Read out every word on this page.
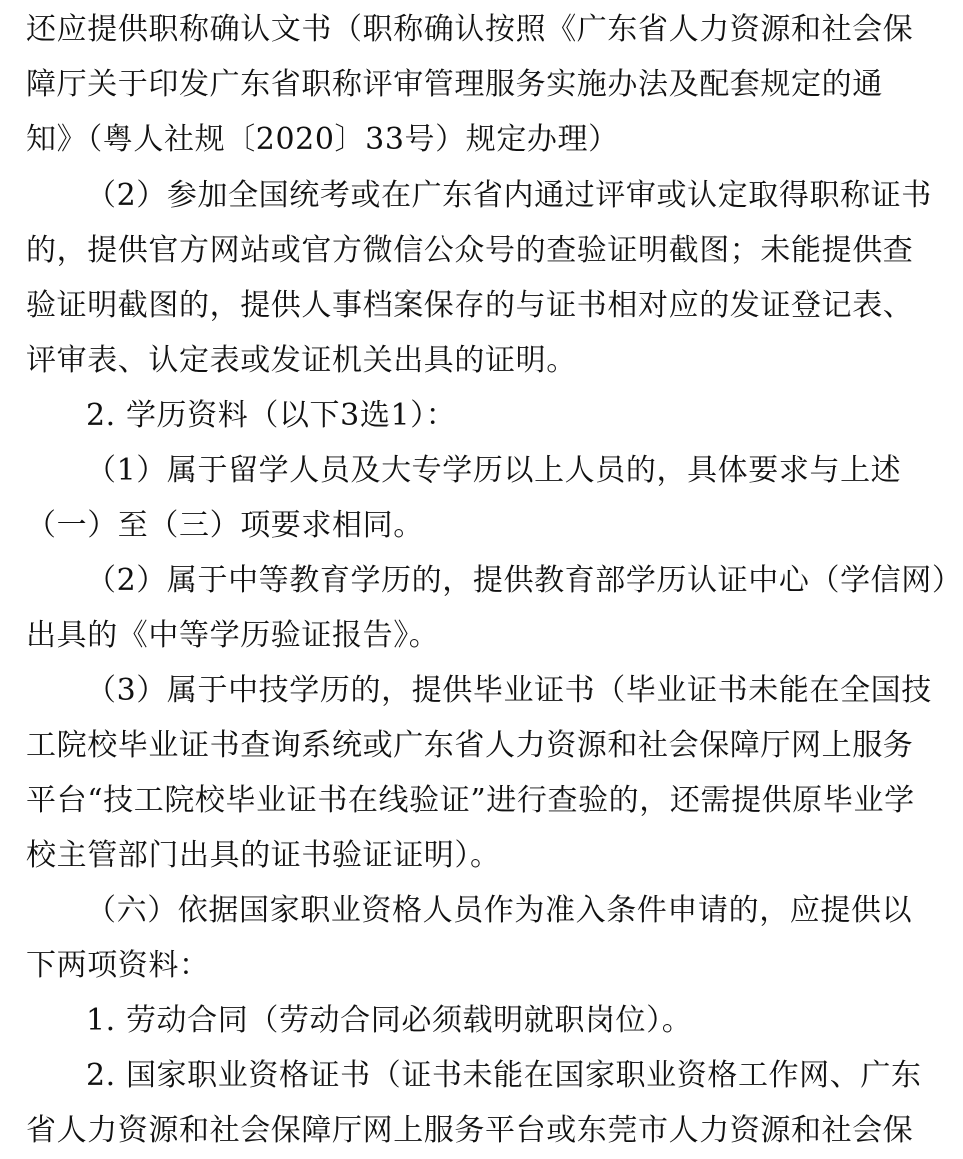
还应提供职称确认文书（职称确认按照《广东省人力资源和社会保
障厅关于印发广东省职称评审管理服务实施办法及配套规定的通
知》（粤人社规〔2020〕33号）规定办理）
（2）参加全国统考或在广东省内通过评审或认定取得职称证书
的，提供官方网站或官方微信公众号的查验证明截图；未能提供查
验证明截图的，提供人事档案保存的与证书相对应的发证登记表、
评审表、认定表或发证机关出具的证明。
2. 学历资料（以下3选1）：
（1）属于留学人员及大专学历以上人员的，具体要求与上述
（一）至（三）项要求相同。
（2）属于中等教育学历的，提供教育部学历认证中心（学信网）
出具的《中等学历验证报告》。
（3）属于中技学历的，提供毕业证书（毕业证书未能在全国技
工院校毕业证书查询系统或广东省人力资源和社会保障厅网上服务
平台“技工院校毕业证书在线验证”进行查验的，还需提供原毕业学
校主管部门出具的证书验证证明）。
（六）依据国家职业资格人员作为准入条件申请的，应提供以
下两项资料：
1. 劳动合同（劳动合同必须载明就职岗位）。
2. 国家职业资格证书（证书未能在国家职业资格工作网、广东
省人力资源和社会保障厅网上服务平台或东莞市人力资源和社会保
